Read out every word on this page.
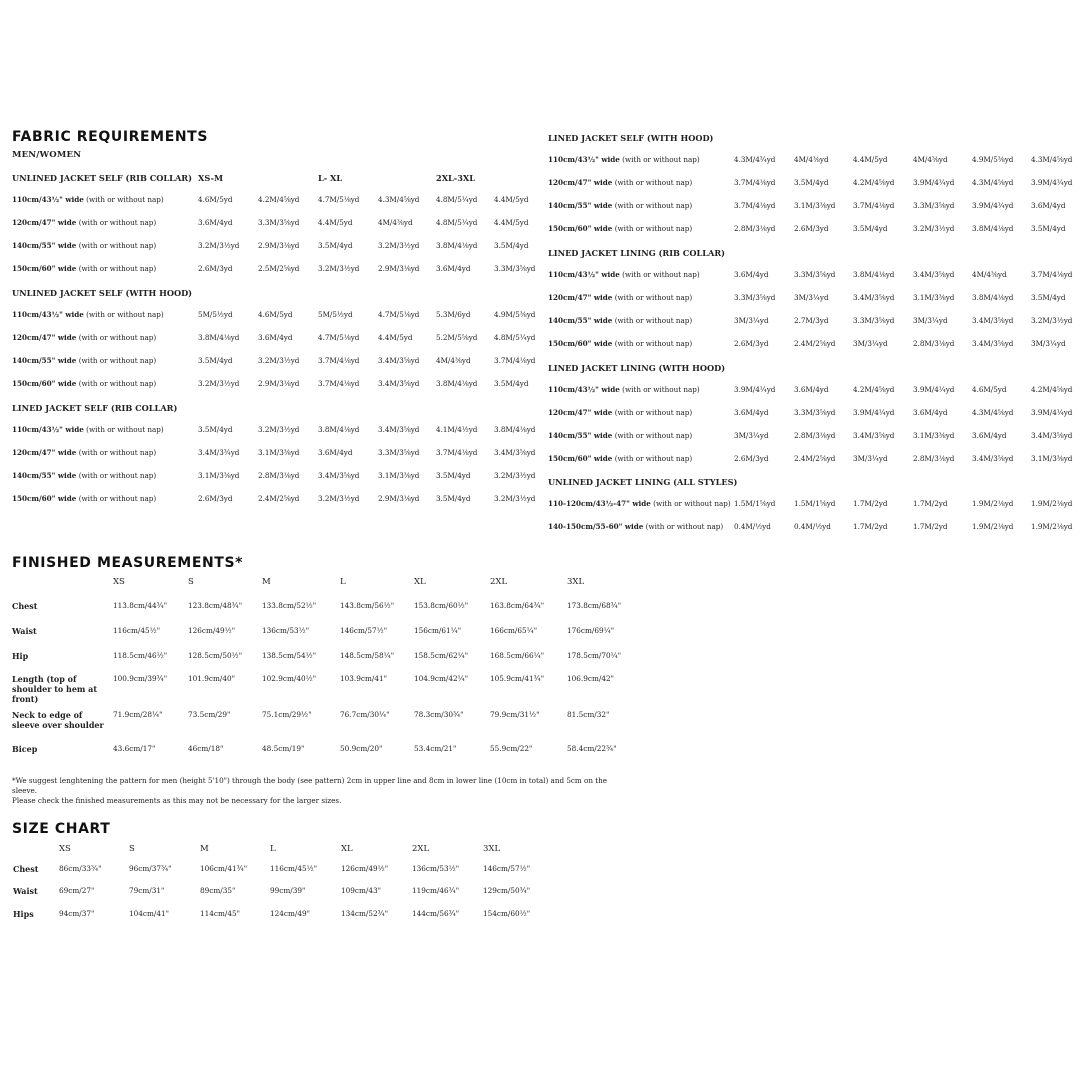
FABRIC REQUIREMENTS
MEN/WOMEN
XS-M	L- XL	2XL-3XL
UNLINED JACKET SELF (RIB COLLAR)
110cm/43½" wide (with or without nap)	4.6M/5yd	4.2M/4⅝yd	4.7M/5⅛yd	4.3M/4⅝yd 4.8M/5¼yd 4.4M/5yd
120cm/47" wide (with or without nap)	3.6M/4yd	3.3M/3⅝yd	4.4M/5yd	4M/4⅜yd	4.8M/5¼yd 4.4M/5yd
140cm/55" wide (with or without nap)	3.2M/3½yd	2.9M/3⅛yd	3.5M/4yd	3.2M/3½yd 3.8M/4⅛yd 3.5M/4yd
150cm/60" wide (with or without nap)	2.6M/3yd	2.5M/2⅝yd	3.2M/3½yd	2.9M/3⅛yd 3.6M/4yd	3.3M/3⅝yd
UNLINED JACKET SELF (WITH HOOD)
110cm/43½" wide (with or without nap)	5M/5½yd	4.6M/5yd	5M/5½yd	4.7M/5⅛yd 5.3M/6yd	4.9M/5⅜yd
120cm/47" wide (with or without nap)	3.8M/4⅛yd	3.6M/4yd	4.7M/5⅛yd	4.4M/5yd	5.2M/5⅝yd 4.8M/5¼yd
140cm/55" wide (with or without nap)	3.5M/4yd	3.2M/3½yd	3.7M/4⅛yd	3.4M/3⅝yd 4M/4⅜yd	3.7M/4⅛yd
150cm/60" wide (with or without nap)	3.2M/3½yd	2.9M/3⅛yd	3.7M/4⅛yd	3.4M/3⅝yd 3.8M/4⅛yd 3.5M/4yd
LINED JACKET SELF (RIB COLLAR)
110cm/43½" wide (with or without nap)	3.5M/4yd	3.2M/3½yd	3.8M/4⅛yd	3.4M/3⅝yd 4.1M/4½yd 3.8M/4⅛yd
120cm/47" wide (with or without nap)	3.4M/3¾yd	3.1M/3⅜yd	3.6M/4yd	3.3M/3⅝yd 3.7M/4⅛yd 3.4M/3⅝yd
140cm/55" wide (with or without nap)	3.1M/3⅜yd	2.8M/3⅛yd	3.4M/3⅝yd	3.1M/3⅜yd 3.5M/4yd	3.2M/3½yd
150cm/60" wide (with or without nap)	2.6M/3yd	2.4M/2⅝yd	3.2M/3½yd	2.9M/3⅛yd 3.5M/4yd	3.2M/3½yd
LINED JACKET SELF (WITH HOOD)
110cm/43½" wide (with or without nap)	4.3M/4¾yd	4M/4⅜yd	4.4M/5yd	4M/4⅜yd	4.9M/5⅜yd 4.3M/4⅝yd
120cm/47" wide (with or without nap)	3.7M/4⅛yd	3.5M/4yd	4.2M/4⅝yd	3.9M/4¼yd 4.3M/4⅝yd 3.9M/4¼yd
140cm/55" wide (with or without nap)	3.7M/4⅛yd	3.1M/3⅜yd 3.7M/4⅛yd	3.3M/3⅝yd 3.9M/4¼yd 3.6M/4yd
150cm/60" wide (with or without nap)	2.8M/3⅛yd	2.6M/3yd	3.5M/4yd	3.2M/3½yd 3.8M/4⅛yd 3.5M/4yd
LINED JACKET LINING (RIB COLLAR)
110cm/43½" wide (with or without nap)	3.6M/4yd	3.3M/3⅝yd 3.8M/4⅛yd	3.4M/3⅝yd 4M/4⅜yd	3.7M/4⅛yd
120cm/47" wide (with or without nap)	3.3M/3⅝yd	3M/3¼yd	3.4M/3⅝yd	3.1M/3⅜yd 3.8M/4⅛yd 3.5M/4yd
140cm/55" wide (with or without nap)	3M/3¼yd	2.7M/3yd	3.3M/3⅝yd	3M/3¼yd	3.4M/3⅝yd 3.2M/3½yd
150cm/60" wide (with or without nap)	2.6M/3yd	2.4M/2⅝yd 3M/3¼yd	2.8M/3⅛yd 3.4M/3⅝yd 3M/3¼yd
LINED JACKET LINING (WITH HOOD)
110cm/43½" wide (with or without nap)	3.9M/4¼yd	3.6M/4yd	4.2M/4⅝yd	3.9M/4¼yd 4.6M/5yd	4.2M/4⅝yd
120cm/47" wide (with or without nap)	3.6M/4yd	3.3M/3⅝yd 3.9M/4¼yd	3.6M/4yd	4.3M/4⅝yd 3.9M/4¼yd
140cm/55" wide (with or without nap)	3M/3¼yd	2.8M/3⅛yd 3.4M/3⅝yd	3.1M/3⅜yd 3.6M/4yd	3.4M/3⅝yd
150cm/60" wide (with or without nap)	2.6M/3yd	2.4M/2⅝yd 3M/3¼yd	2.8M/3⅛yd 3.4M/3⅝yd 3.1M/3⅜yd
UNLINED JACKET LINING (ALL STYLES)
110-120cm/43½-47" wide (with or without nap) 1.5M/1⅝yd	1.5M/1⅝yd 1.7M/2yd	1.7M/2yd	1.9M/2⅛yd 1.9M/2⅛yd
140-150cm/55-60" wide (with or without nap) 0.4M/½yd	0.4M/½yd	1.7M/2yd	1.7M/2yd	1.9M/2⅛yd 1.9M/2⅛yd
FINISHED MEASUREMENTS*
XS	S	M	L	XL	2XL	3XL
Chest	113.8cm/44¾"	123.8cm/48¾"	133.8cm/52½"	143.8cm/56½"	153.8cm/60½"	163.8cm/64¾"	173.8cm/68¾"
Waist	116cm/45½"	126cm/49½"	136cm/53½"	146cm/57½"	156cm/61¼"	166cm/65¼"	176cm/69¼"
Hip	118.5cm/46½"	128.5cm/50½"	138.5cm/54½"	148.5cm/58¼"	158.5cm/62¼"	168.5cm/66¼"	178.5cm/70¼"
Length (top of shoulder to hem at front)
100.9cm/39¾"	101.9cm/40"	102.9cm/40½"	103.9cm/41"	104.9cm/42¼"	105.9cm/41¾"	106.9cm/42"
Neck to edge of sleeve over shoulder
71.9cm/28¼"	73.5cm/29"	75.1cm/29½"	76.7cm/30¼"	78.3cm/30¾"	79.9cm/31½"	81.5cm/32"
Bicep	43.6cm/17"	46cm/18"	48.5cm/19"	50.9cm/20"	53.4cm/21"	55.9cm/22"	58.4cm/22¾"
*We suggest lenghtening the pattern for men (height 5'10") through the body (see pattern) 2cm in upper line and 8cm in lower line (10cm in total) and 5cm on the sleeve.
Please check the finished measurements as this may not be necessary for the larger sizes.
SIZE CHART
XS	S	M	L	XL	2XL	3XL
Chest	86cm/33¾"	96cm/37¾"	106cm/41¾"	116cm/45½"	126cm/49½"	136cm/53½"	146cm/57½"
Waist	69cm/27"	79cm/31"	89cm/35"	99cm/39"	109cm/43"	119cm/46¾"	129cm/50¾"
Hips	94cm/37"	104cm/41"	114cm/45"	124cm/49"	134cm/52¾"	144cm/56¾"	154cm/60½"
